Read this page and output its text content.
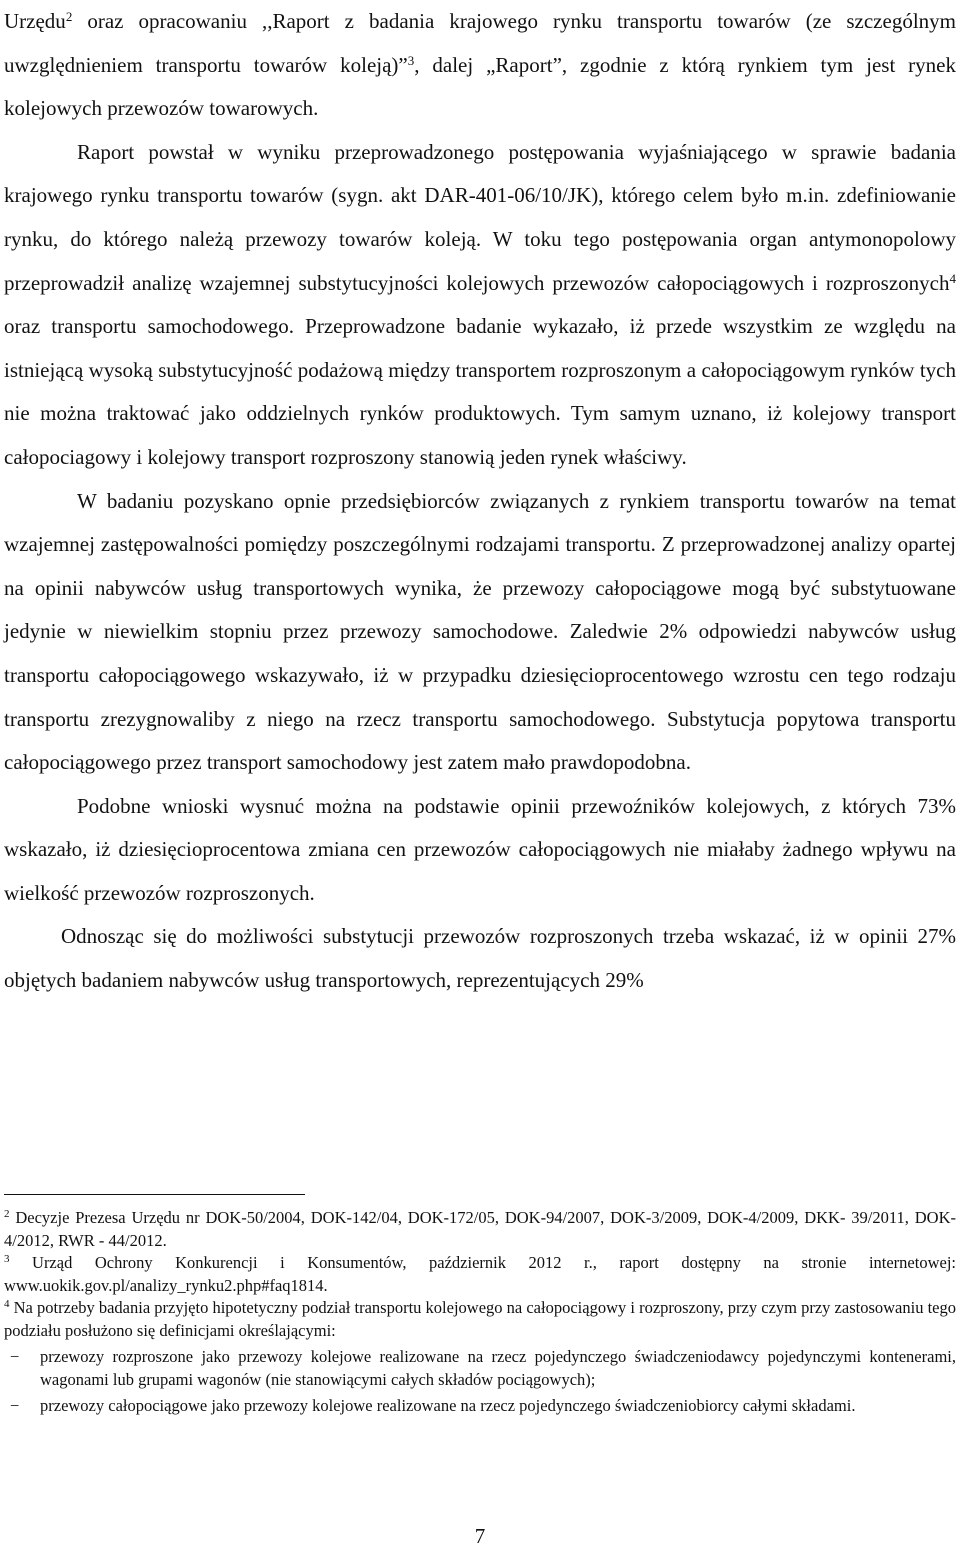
Urzędu$^2$ oraz opracowaniu ,,Raport z badania krajowego rynku transportu towarów (ze szczególnym uwzględnieniem transportu towarów koleją)”$^3$, dalej „Raport”, zgodnie z którą rynkiem tym jest rynek kolejowych przewozów towarowych.

Raport powstał w wyniku przeprowadzonego postępowania wyjaśniającego w sprawie badania krajowego rynku transportu towarów (sygn. akt DAR-401-06/10/JK), którego celem było m.in. zdefiniowanie rynku, do którego należą przewozy towarów koleją. W toku tego postępowania organ antymonopolowy przeprowadził analizę wzajemnej substytucyjności kolejowych przewozów całopociągowych i rozproszonych$^4$ oraz transportu samochodowego. Przeprowadzone badanie wykazało, iż przede wszystkim ze względu na istniejącą wysoką substytucyjność podażową między transportem rozproszonym a całopociągowym rynków tych nie można traktować jako oddzielnych rynków produktowych. Tym samym uznano, iż kolejowy transport całopociagowy i kolejowy transport rozproszony stanowią jeden rynek właściwy.

W badaniu pozyskano opnie przedsiębiorców związanych z rynkiem transportu towarów na temat wzajemnej zastępowalności pomiędzy poszczególnymi rodzajami transportu. Z przeprowadzonej analizy opartej na opinii nabywców usług transportowych wynika, że przewozy całopociągowe mogą być substytuowane jedynie w niewielkim stopniu przez przewozy samochodowe. Zaledwie 2% odpowiedzi nabywców usług transportu całopociągowego wskazywało, iż w przypadku dziesięcioprocentowego wzrostu cen tego rodzaju transportu zrezygnowaliby z niego na rzecz transportu samochodowego. Substytucja popytowa transportu całopociągowego przez transport samochodowy jest zatem mało prawdopodobna.

Podobne wnioski wysnuć można na podstawie opinii przewoźników kolejowych, z których 73% wskazało, iż dziesięcioprocentowa zmiana cen przewozów całopociągowych nie miałaby żadnego wpływu na wielkość przewozów rozproszonych.

Odnosząc się do możliwości substytucji przewozów rozproszonych trzeba wskazać, iż w opinii 27% objętych badaniem nabywców usług transportowych, reprezentujących 29%

$^2$ Decyzje Prezesa Urzędu nr DOK-50/2004, DOK-142/04, DOK-172/05, DOK-94/2007, DOK-3/2009, DOK-4/2009, DKK- 39/2011, DOK-4/2012, RWR - 44/2012.

$^3$ Urząd Ochrony Konkurencji i Konsumentów, październik 2012 r., raport dostępny na stronie internetowej: www.uokik.gov.pl/analizy_rynku2.php#faq1814.

$^4$ Na potrzeby badania przyjęto hipotetyczny podział transportu kolejowego na całopociągowy i rozproszony, przy czym przy zastosowaniu tego podziału posłużono się definicjami określającymi:

− przewozy rozproszone jako przewozy kolejowe realizowane na rzecz pojedynczego świadczeniodawcy pojedynczymi kontenerami, wagonami lub grupami wagonów (nie stanowiącymi całych składów pociągowych);
− przewozy całopociągowe jako przewozy kolejowe realizowane na rzecz pojedynczego świadczeniobiorcy całymi składami.
7
